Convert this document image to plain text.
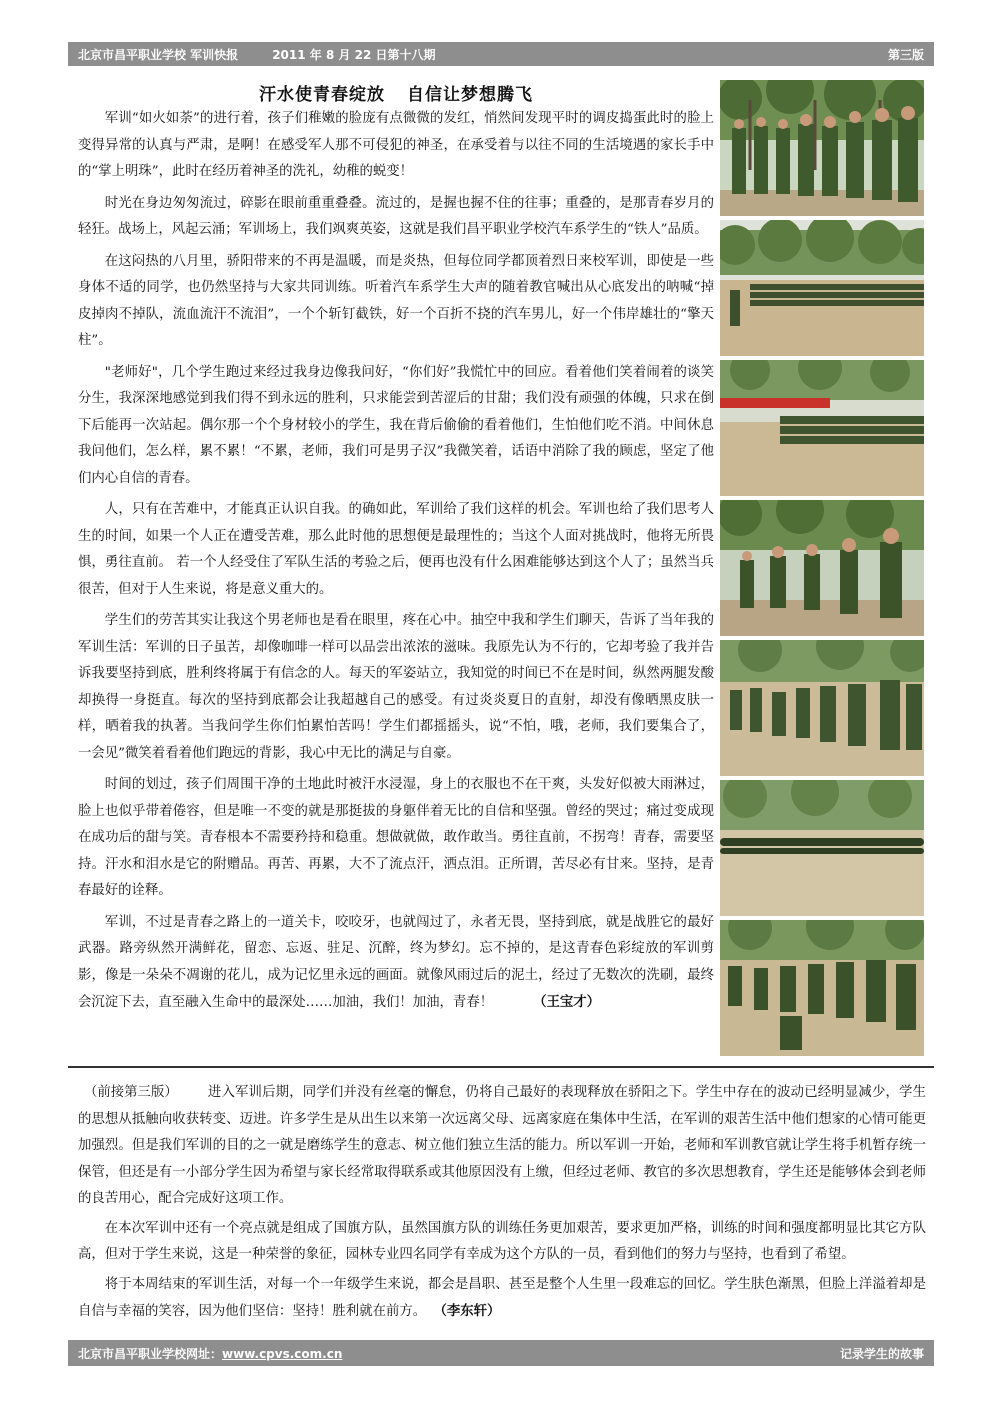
北京市昌平职业学校 军训快报	2011 年 8 月 22 日第十八期	第三版
汗水使青春绽放 自信让梦想腾飞

军训“如火如荼”的进行着，孩子们稚嫩的脸庞有点微微的发红，悄然间发现平时的调皮捣蛋此时的脸上变得异常的认真与严肃，是啊！在感受军人那不可侵犯的神圣，在承受着与以往不同的生活境遇的家长手中的“掌上明珠”，此时在经历着神圣的洗礼，幼稚的蜕变！

时光在身边匆匆流过，碎影在眼前重重叠叠。流过的，是握也握不住的往事；重叠的，是那青春岁月的轻狂。战场上，风起云涌；军训场上，我们飒爽英姿，这就是我们昌平职业学校汽车系学生的“铁人”品质。

在这闷热的八月里，骄阳带来的不再是温暖，而是炎热，但每位同学都顶着烈日来校军训，即使是一些身体不适的同学，也仍然坚持与大家共同训练。听着汽车系学生大声的随着教官喊出从心底发出的呐喊“掉皮掉肉不掉队，流血流汗不流泪”，一个个斩钉截铁，好一个百折不挠的汽车男儿，好一个伟岸雄壮的“擎天柱”。

"老师好"，几个学生跑过来经过我身边像我问好，“你们好”我慌忙中的回应。看着他们笑着闹着的谈笑分生，我深深地感觉到我们得不到永远的胜利，只求能尝到苦涩后的甘甜；我们没有顽强的体魄，只求在倒下后能再一次站起。偶尔那一个个身材较小的学生，我在背后偷偷的看着他们，生怕他们吃不消。中间休息我问他们，怎么样，累不累！“不累，老师，我们可是男子汉”我微笑着，话语中消除了我的顾虑，坚定了他们内心自信的青春。

人，只有在苦难中，才能真正认识自我。的确如此，军训给了我们这样的机会。军训也给了我们思考人生的时间，如果一个人正在遭受苦难，那么此时他的思想便是最理性的；当这个人面对挑战时，他将无所畏惧，勇往直前。 若一个人经受住了军队生活的考验之后，便再也没有什么困难能够达到这个人了；虽然当兵很苦，但对于人生来说，将是意义重大的。

学生们的劳苦其实让我这个男老师也是看在眼里，疼在心中。抽空中我和学生们聊天，告诉了当年我的军训生活：军训的日子虽苦，却像咖啡一样可以品尝出浓浓的滋味。我原先认为不行的，它却考验了我并告诉我要坚持到底，胜利终将属于有信念的人。每天的军姿站立，我知觉的时间已不在是时间，纵然两腿发酸却换得一身挺直。每次的坚持到底都会让我超越自己的感受。有过炎炎夏日的直射，却没有像晒黑皮肤一样，晒着我的执著。当我问学生你们怕累怕苦吗！学生们都摇摇头，说“不怕，哦，老师，我们要集合了，一会见”微笑着看着他们跑远的背影，我心中无比的满足与自豪。

时间的划过，孩子们周围干净的土地此时被汗水浸湿，身上的衣服也不在干爽，头发好似被大雨淋过，脸上也似乎带着倦容，但是唯一不变的就是那挺拔的身躯伴着无比的自信和坚强。曾经的哭过；痛过变成现在成功后的甜与笑。青春根本不需要矜持和稳重。想做就做，敢作敢当。勇往直前，不拐弯！青春，需要坚持。汗水和泪水是它的附赠品。再苦、再累，大不了流点汗，洒点泪。正所谓，苦尽必有甘来。坚持，是青春最好的诠释。

军训，不过是青春之路上的一道关卡，咬咬牙，也就闯过了，永者无畏，坚持到底，就是战胜它的最好武器。路旁纵然开满鲜花，留恋、忘返、驻足、沉醉，终为梦幻。忘不掉的，是这青春色彩绽放的军训剪影，像是一朵朵不凋谢的花儿，成为记忆里永远的画面。就像风雨过后的泥土，经过了无数次的洗刷，最终会沉淀下去，直至融入生命中的最深处……加油，我们！加油，青春！	（王宝才）

（前接第三版） 进入军训后期，同学们并没有丝毫的懈怠，仍将自己最好的表现释放在骄阳之下。学生中存在的波动已经明显减少，学生的思想从抵触向收获转变、迈进。许多学生是从出生以来第一次远离父母、远离家庭在集体中生活，在军训的艰苦生活中他们想家的心情可能更加强烈。但是我们军训的目的之一就是磨练学生的意志、树立他们独立生活的能力。所以军训一开始，老师和军训教官就让学生将手机暂存统一保管，但还是有一小部分学生因为希望与家长经常取得联系或其他原因没有上缴，但经过老师、教官的多次思想教育，学生还是能够体会到老师的良苦用心，配合完成好这项工作。

在本次军训中还有一个亮点就是组成了国旗方队，虽然国旗方队的训练任务更加艰苦，要求更加严格，训练的时间和强度都明显比其它方队高，但对于学生来说，这是一种荣誉的象征，园林专业四名同学有幸成为这个方队的一员，看到他们的努力与坚持，也看到了希望。

将于本周结束的军训生活，对每一个一年级学生来说，都会是昌职、甚至是整个人生里一段难忘的回忆。学生肤色渐黑，但脸上洋溢着却是自信与幸福的笑容，因为他们坚信：坚持！胜利就在前方。 （李东轩）

北京市昌平职业学校网址：www.cpvs.com.cn	记录学生的故事
